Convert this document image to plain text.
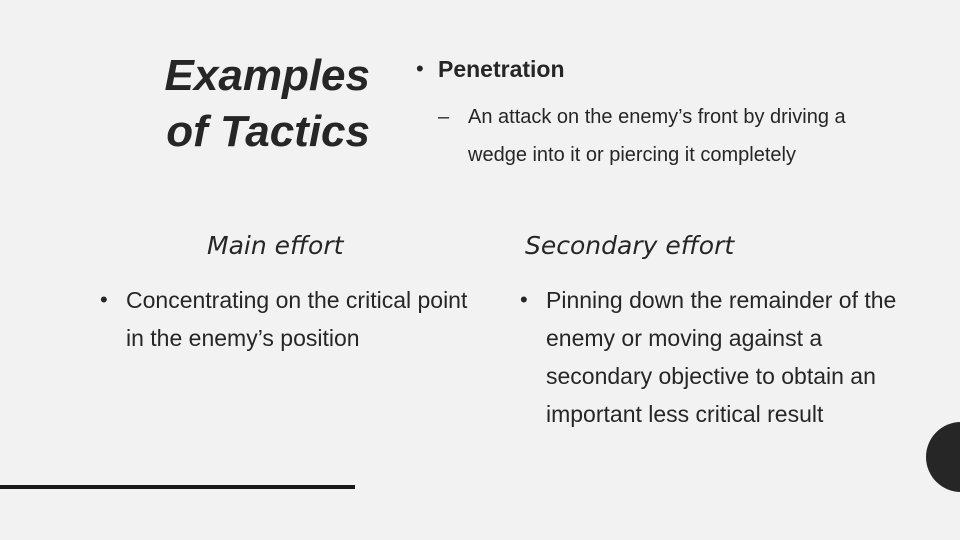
Examples
of Tactics
• Penetration
– An attack on the enemy’s front by driving a wedge into it or piercing it completely
Main effort
• Concentrating on the critical point in the enemy’s position
Secondary effort
• Pinning down the remainder of the enemy or moving against a secondary objective to obtain an important less critical result
